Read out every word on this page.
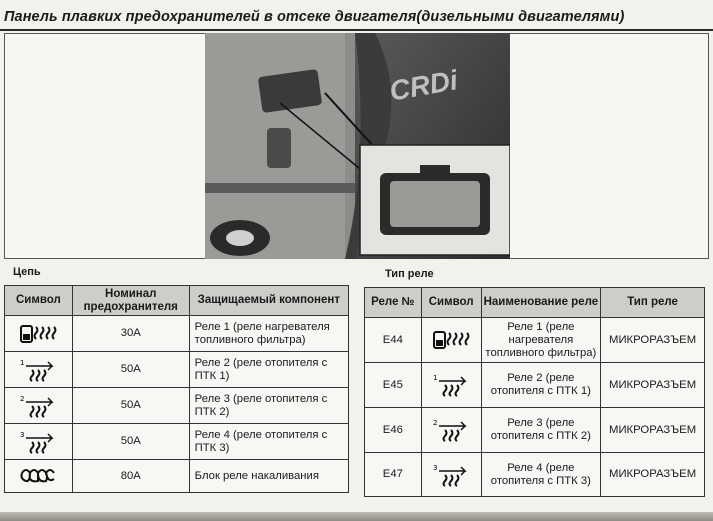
Панель плавких предохранителей в отсеке двигателя(дизельными двигателями)
CRDi
Цепь	Тип реле
Символ	Номинал предохранителя	Защищаемый компонент

	30A	Реле 1 (реле нагревателя топливного фильтра)

1	50A	Реле 2 (реле отопителя с ПТК 1)

2	50A	Реле 3 (реле отопителя с ПТК 2)

3	50A	Реле 4 (реле отопителя с ПТК 3)

	80A	Блок реле накаливания
Реле №	Символ	Наименование реле	Тип реле
E44		Реле 1 (реле нагревателя топливного фильтра)	МИКРОРАЗЪЕМ
E45	1	Реле 2 (реле отопителя с ПТК 1)	МИКРОРАЗЪЕМ
E46	2	Реле 3 (реле отопителя с ПТК 2)	МИКРОРАЗЪЕМ
E47	3	Реле 4 (реле отопителя с ПТК 3)	МИКРОРАЗЪЕМ
